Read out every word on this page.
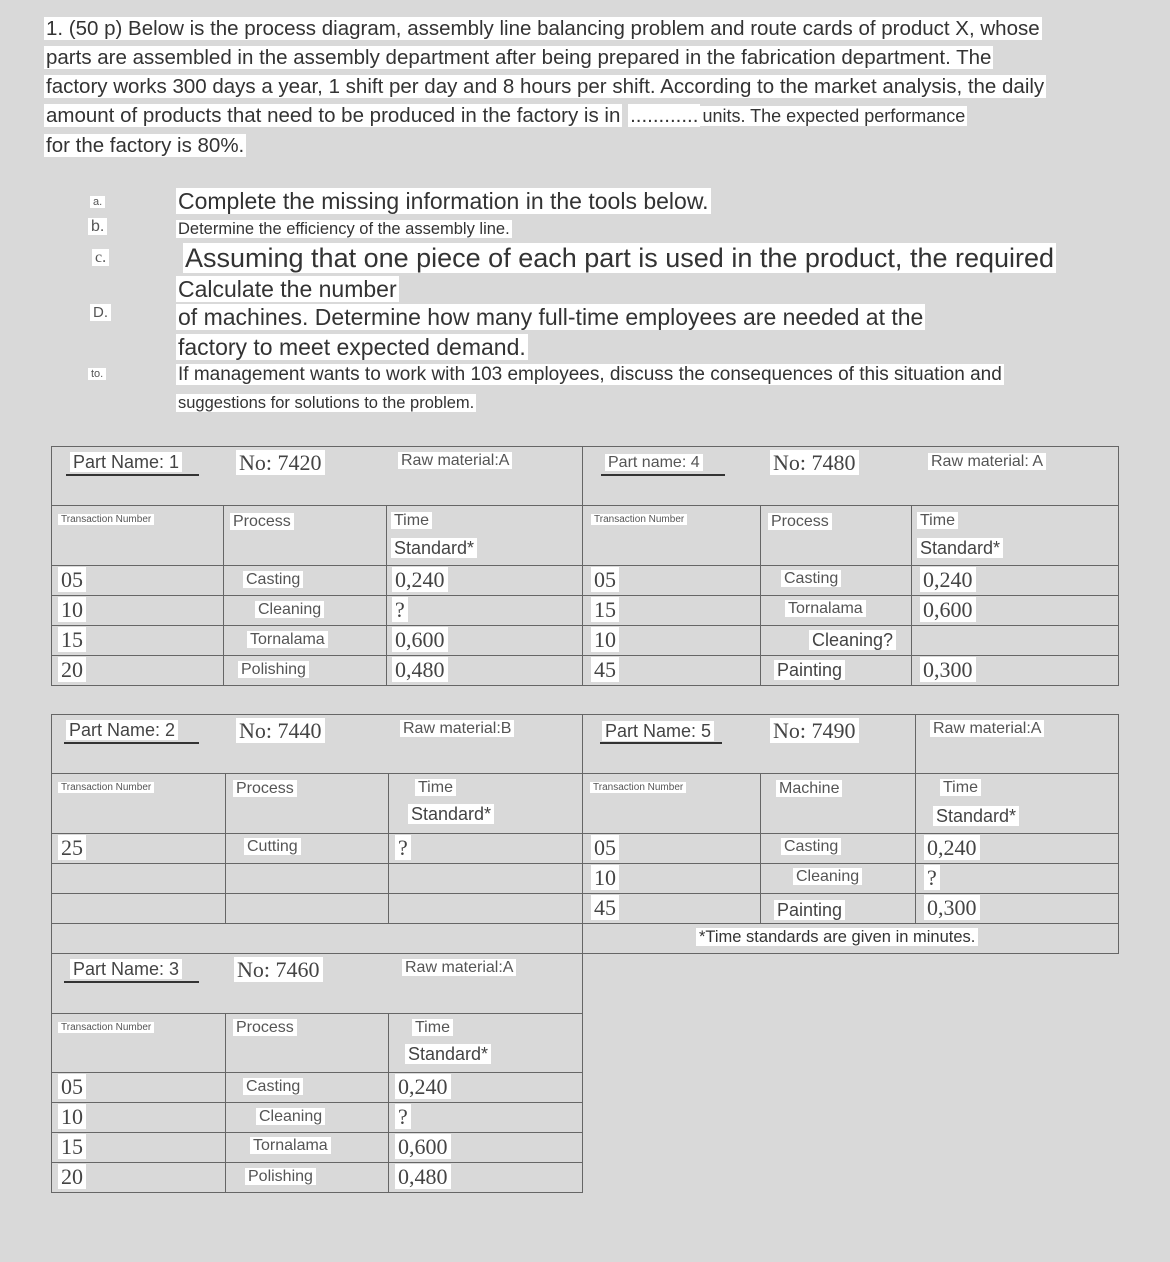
1. (50 p) Below is the process diagram, assembly line balancing problem and route cards of product X, whose
parts are assembled in the assembly department after being prepared in the fabrication department. The
factory works 300 days a year, 1 shift per day and 8 hours per shift. According to the market analysis, the daily
amount of products that need to be produced in the factory is in ............ units. The expected performance
for the factory is 80%.
a.
b.
c.
D.
to.
Complete the missing information in the tools below.
Determine the efficiency of the assembly line.
Assuming that one piece of each part is used in the product, the required
Calculate the number
of machines. Determine how many full-time employees are needed at the
factory to meet expected demand.
If management wants to work with 103 employees, discuss the consequences of this situation and
suggestions for solutions to the problem.
Part Name: 1	No: 7420	Raw material:A
Transaction Number	Process	Time
Standard*
05	Casting	0,240
10	Cleaning	?
15	Tornalama	0,600
20	Polishing	0,480
Part name: 4	No: 7480	Raw material: A
Transaction Number	Process	Time
Standard*
05	Casting	0,240
15	Tornalama	0,600
10	Cleaning?
45	Painting	0,300
Part Name: 2	No: 7440	Raw material:B
Transaction Number	Process	Time
Standard*
25	Cutting	?
Part Name: 5	No: 7490	Raw material:A
Transaction Number	Machine	Time
Standard*
05	Casting	0,240
10	Cleaning	?
45	Painting	0,300
*Time standards are given in minutes.
Part Name: 3	No: 7460	Raw material:A
Transaction Number	Process	Time
Standard*
05	Casting	0,240
10	Cleaning	?
15	Tornalama	0,600
20	Polishing	0,480
